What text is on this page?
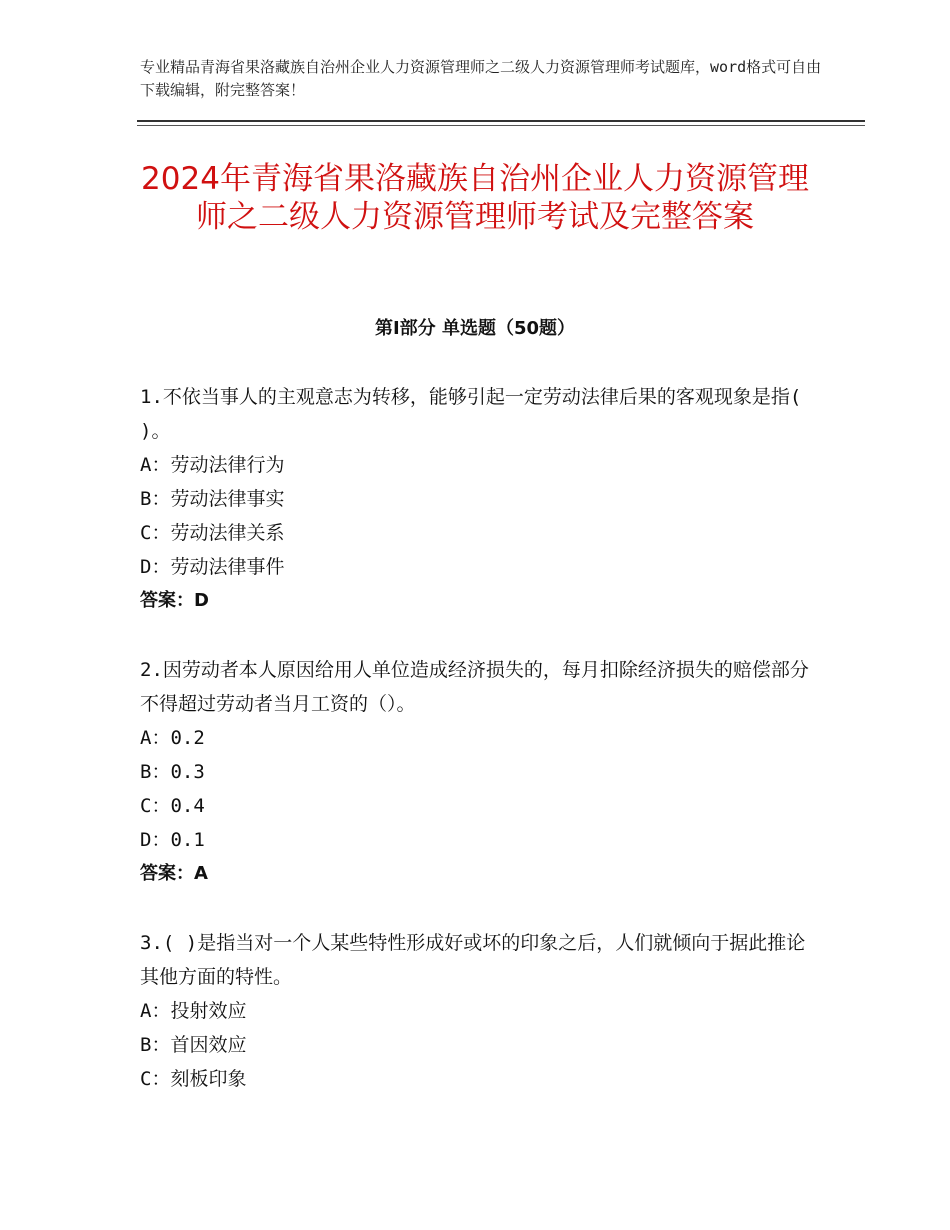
专业精品青海省果洛藏族自治州企业人力资源管理师之二级人力资源管理师考试题库，word格式可自由下载编辑，附完整答案！
2024年青海省果洛藏族自治州企业人力资源管理师之二级人力资源管理师考试及完整答案
第Ⅰ部分 单选题（50题）
1.不依当事人的主观意志为转移，能够引起一定劳动法律后果的客观现象是指( )。
A：劳动法律行为
B：劳动法律事实
C：劳动法律关系
D：劳动法律事件
答案：D
2.因劳动者本人原因给用人单位造成经济损失的，每月扣除经济损失的赔偿部分不得超过劳动者当月工资的（）。
A：0.2
B：0.3
C：0.4
D：0.1
答案：A
3.( )是指当对一个人某些特性形成好或坏的印象之后，人们就倾向于据此推论其他方面的特性。
A：投射效应
B：首因效应
C：刻板印象
